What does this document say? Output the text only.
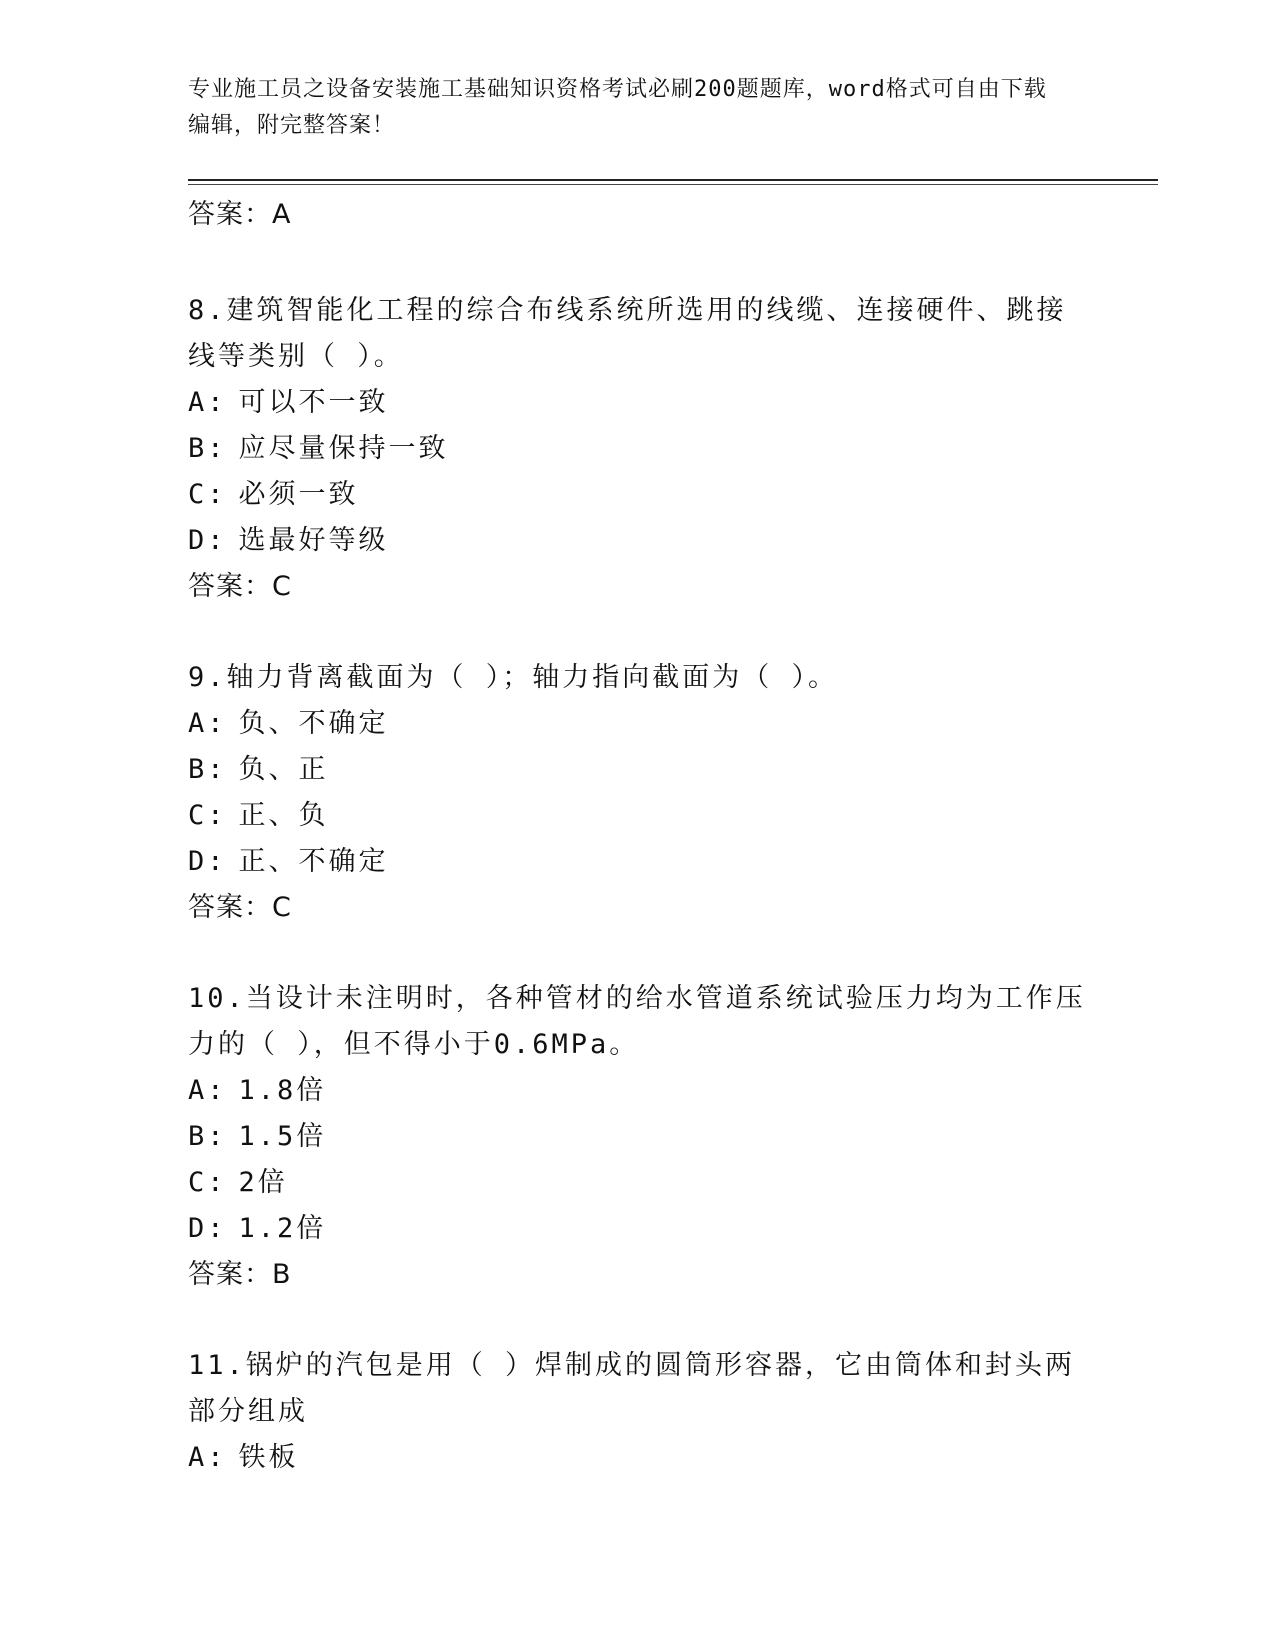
专业施工员之设备安装施工基础知识资格考试必刷200题题库，word格式可自由下载编辑，附完整答案！

答案：A

8.建筑智能化工程的综合布线系统所选用的线缆、连接硬件、跳接线等类别（ ）。

A: 可以不一致

B: 应尽量保持一致

C: 必须一致

D: 选最好等级

答案：C

9.轴力背离截面为（ ）；轴力指向截面为（ ）。

A: 负、不确定

B: 负、正

C: 正、负

D: 正、不确定

答案：C

10.当设计未注明时，各种管材的给水管道系统试验压力均为工作压力的（ ），但不得小于0.6MPa。

A: 1.8倍

B: 1.5倍

C: 2倍

D: 1.2倍

答案：B

11.锅炉的汽包是用（ ）焊制成的圆筒形容器，它由筒体和封头两部分组成

A: 铁板
